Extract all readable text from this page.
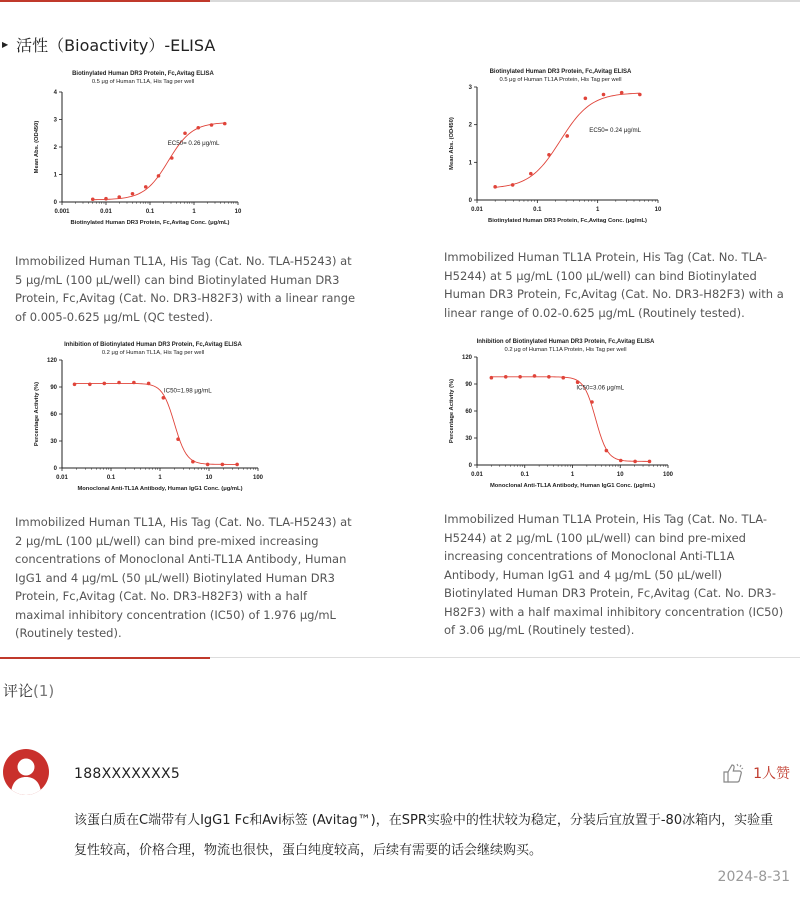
▶ 活性（Bioactivity）-ELISA
Biotinylated Human DR3 Protein, Fc,Avitag ELISA
0.5 μg of Human TL1A, His Tag per well
0
1
2
3
4
0.001	0.01	0.1	1	10
Biotinylated Human DR3 Protein, Fc,Avitag Conc. (μg/mL)
Mean Abs. (OD450)	EC50= 0.26 μg/mL
Biotinylated Human DR3 Protein, Fc,Avitag ELISA
0.5 μg of Human TL1A Protein, His Tag per well
0
1
2
3
0.01	0.1	1	10
Biotinylated Human DR3 Protein, Fc,Avitag Conc. (μg/mL)
Mean Abs. (OD450)	EC50= 0.24 μg/mL
Inhibition of Biotinylated Human DR3 Protein, Fc,Avitag ELISA
0.2 μg of Human TL1A, His Tag per well
0
30
60
90
120
0.01	0.1	1	10	100
Monoclonal Anti-TL1A Antibody, Human IgG1 Conc. (μg/mL)
Percentage Activity (%)	IC50=1.98 μg/mL
Inhibition of Biotinylated Human DR3 Protein, Fc,Avitag ELISA
0.2 μg of Human TL1A Protein, His Tag per well
0
30
60
90
120
0.01	0.1	1	10	100
Monoclonal Anti-TL1A Antibody, Human IgG1 Conc. (μg/mL)
Percentage Activity (%)	IC50=3.06 μg/mL
Immobilized Human TL1A, His Tag (Cat. No. TLA-H5243) at 5 μg/mL (100 μL/well) can bind Biotinylated Human DR3 Protein, Fc,Avitag (Cat. No. DR3-H82F3) with a linear range of 0.005-0.625 μg/mL (QC tested).
Immobilized Human TL1A Protein, His Tag (Cat. No. TLA-H5244) at 5 μg/mL (100 μL/well) can bind Biotinylated Human DR3 Protein, Fc,Avitag (Cat. No. DR3-H82F3) with a linear range of 0.02-0.625 μg/mL (Routinely tested).
Immobilized Human TL1A, His Tag (Cat. No. TLA-H5243) at 2 μg/mL (100 μL/well) can bind pre-mixed increasing concentrations of Monoclonal Anti-TL1A Antibody, Human IgG1 and 4 μg/mL (50 μL/well) Biotinylated Human DR3 Protein, Fc,Avitag (Cat. No. DR3-H82F3) with a half maximal inhibitory concentration (IC50) of 1.976 μg/mL (Routinely tested).
Immobilized Human TL1A Protein, His Tag (Cat. No. TLA-H5244) at 2 μg/mL (100 μL/well) can bind pre-mixed increasing concentrations of Monoclonal Anti-TL1A Antibody, Human IgG1 and 4 μg/mL (50 μL/well) Biotinylated Human DR3 Protein, Fc,Avitag (Cat. No. DR3-H82F3) with a half maximal inhibitory concentration (IC50) of 3.06 μg/mL (Routinely tested).
评论(1)
188XXXXXXX5	1人赞
该蛋白质在C端带有人IgG1 Fc和Avi标签 (Avitag™)，在SPR实验中的性状较为稳定，分装后宜放置于-80冰箱内，实验重复性较高，价格合理，物流也很快，蛋白纯度较高，后续有需要的话会继续购买。
2024-8-31
